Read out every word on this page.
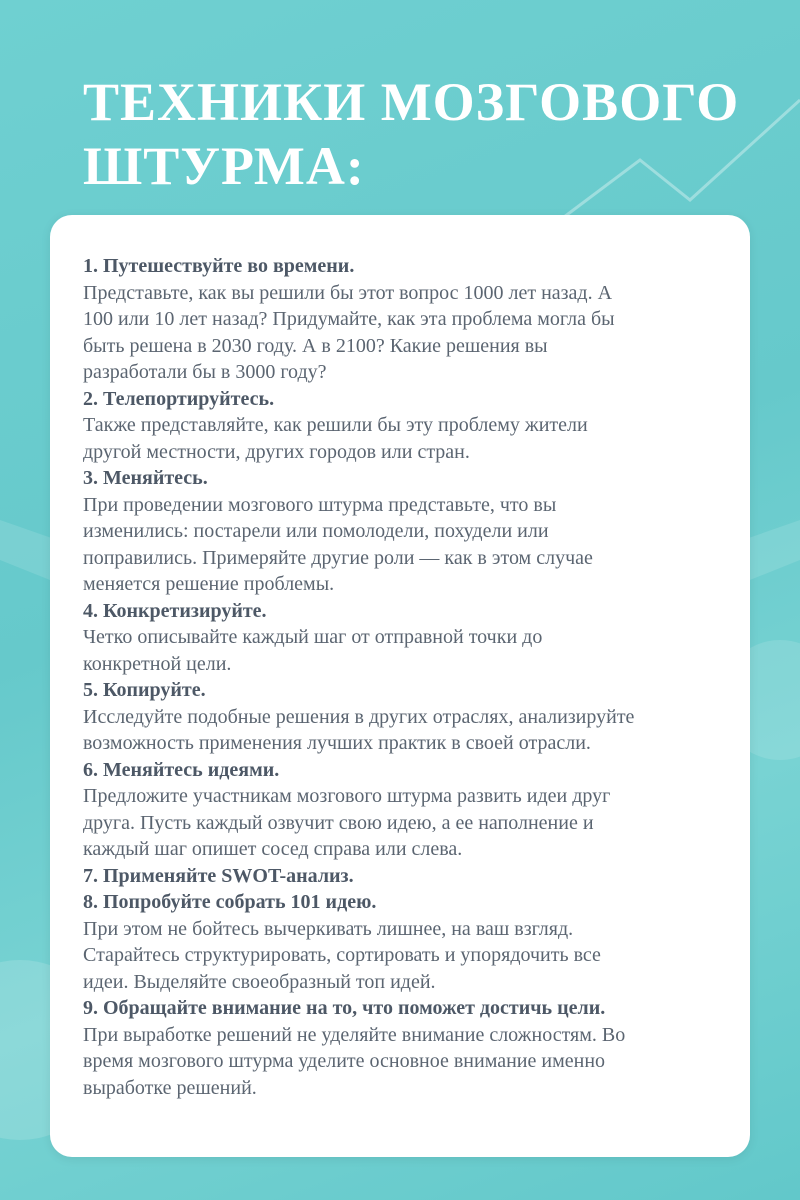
ТЕХНИКИ МОЗГОВОГО
ШТУРМА:
1. Путешествуйте во времени.
Представьте, как вы решили бы этот вопрос 1000 лет назад. А
100 или 10 лет назад? Придумайте, как эта проблема могла бы
быть решена в 2030 году. А в 2100? Какие решения вы
разработали бы в 3000 году?
2. Телепортируйтесь.
Также представляйте, как решили бы эту проблему жители
другой местности, других городов или стран.
3. Меняйтесь.
При проведении мозгового штурма представьте, что вы
изменились: постарели или помолодели, похудели или
поправились. Примеряйте другие роли — как в этом случае
меняется решение проблемы.
4. Конкретизируйте.
Четко описывайте каждый шаг от отправной точки до
конкретной цели.
5. Копируйте.
Исследуйте подобные решения в других отраслях, анализируйте
возможность применения лучших практик в своей отрасли.
6. Меняйтесь идеями.
Предложите участникам мозгового штурма развить идеи друг
друга. Пусть каждый озвучит свою идею, а ее наполнение и
каждый шаг опишет сосед справа или слева.
7. Применяйте SWOT-анализ.
8. Попробуйте собрать 101 идею.
При этом не бойтесь вычеркивать лишнее, на ваш взгляд.
Старайтесь структурировать, сортировать и упорядочить все
идеи. Выделяйте своеобразный топ идей.
9. Обращайте внимание на то, что поможет достичь цели.
При выработке решений не уделяйте внимание сложностям. Во
время мозгового штурма уделите основное внимание именно
выработке решений.
